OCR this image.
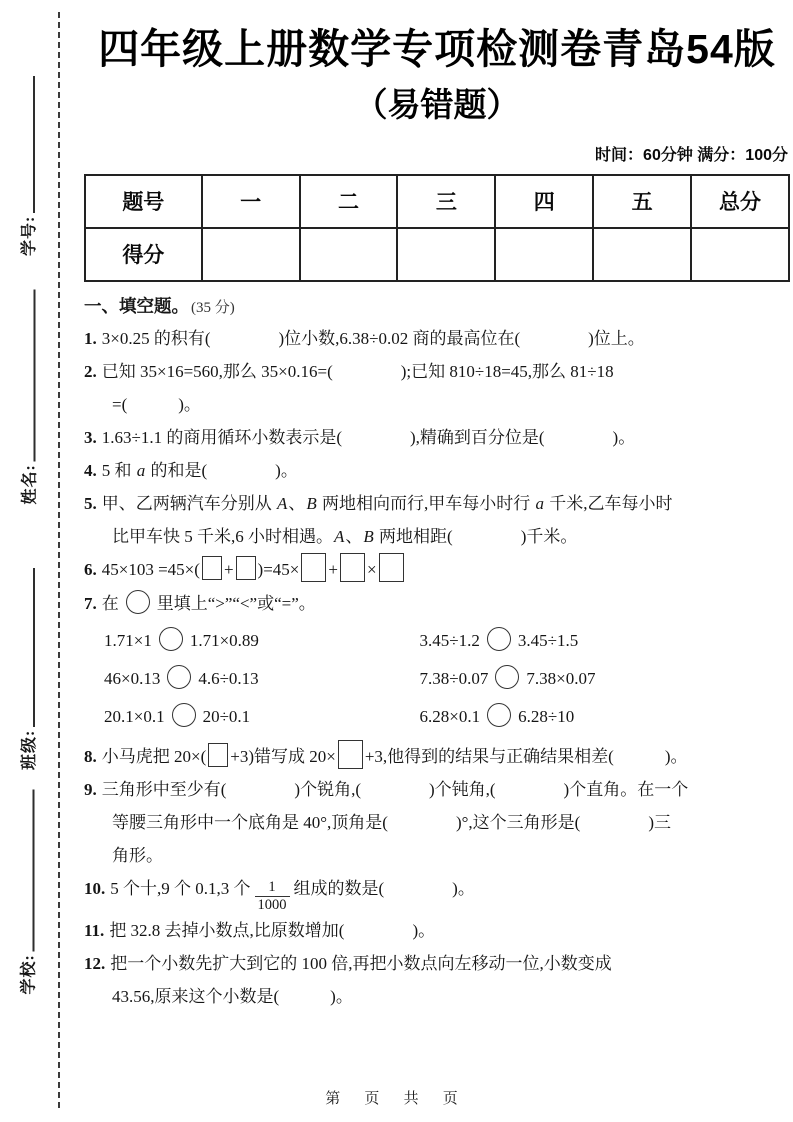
学号:
姓名:
班级:
学校:
四年级上册数学专项检测卷青岛54版
（易错题）
时间：60分钟 满分：100分
题号	一	二	三	四	五	总分
得分						
一、填空题。 (35 分)
1. 3×0.25 的积有(　　　　)位小数,6.38÷0.02 商的最高位在(　　　　)位上。
2. 已知 35×16=560,那么 35×0.16=(　　　　);已知 810÷18=45,那么 81÷18
=(　　　)。
3. 1.63÷1.1 的商用循环小数表示是(　　　　),精确到百分位是(　　　　)。
4. 5 和 a 的和是(　　　　)。
5. 甲、乙两辆汽车分别从 A、B 两地相向而行,甲车每小时行 a 千米,乙车每小时
比甲车快 5 千米,6 小时相遇。A、B 两地相距(　　　　)千米。
6. 45×103 =45×( + )=45× + ×
7. 在 里填上“>”“<”或“=”。
1.71×1 1.71×0.89	3.45÷1.2 3.45÷1.5
46×0.13 4.6÷0.13	7.38÷0.07 7.38×0.07
20.1×0.1 20÷0.1	6.28×0.1 6.28÷10
8. 小马虎把 20×( +3)错写成 20× +3,他得到的结果与正确结果相差(　　　)。
9. 三角形中至少有(　　　　)个锐角,(　　　　)个钝角,(　　　　)个直角。在一个
等腰三角形中一个底角是 40°,顶角是(　　　　)°,这个三角形是(　　　　)三
角形。
10. 5 个十,9 个 0.1,3 个 $\frac{1}{1000}$ 组成的数是(　　　　)。
11. 把 32.8 去掉小数点,比原数增加(　　　　)。
12. 把一个小数先扩大到它的 100 倍,再把小数点向左移动一位,小数变成
43.56,原来这个小数是(　　　)。
第 页 共 页
